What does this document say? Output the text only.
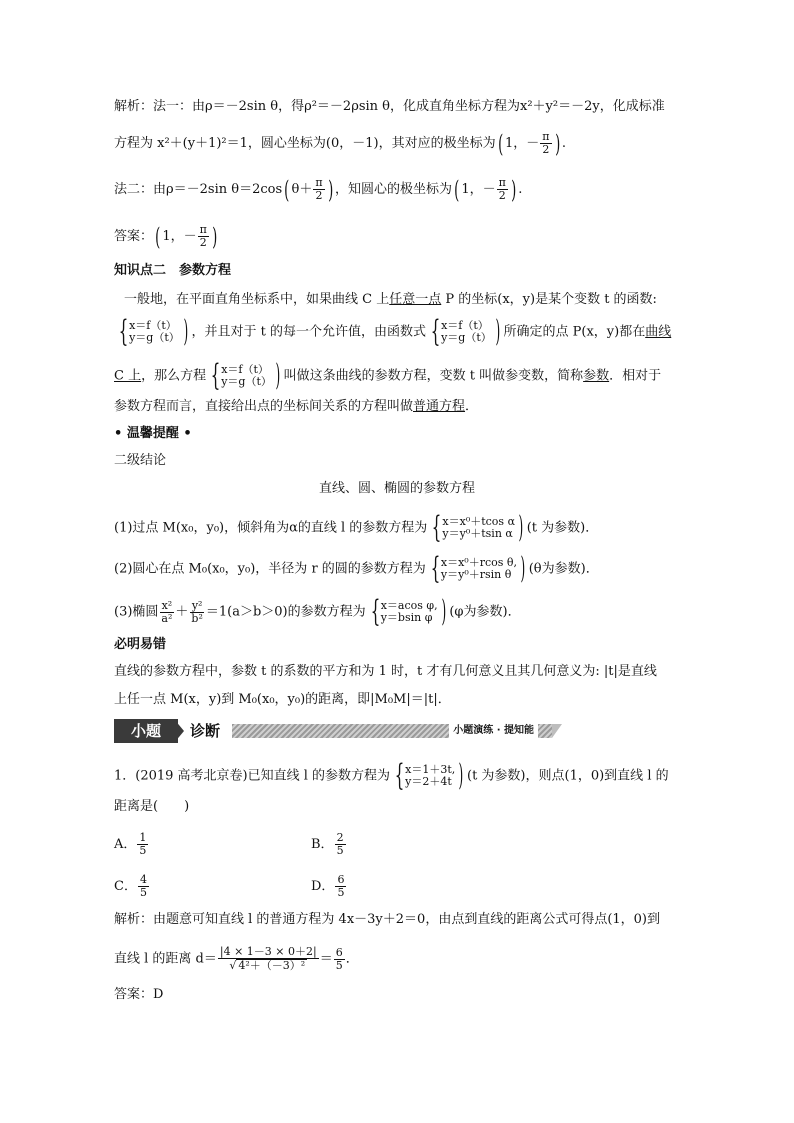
解析：法一：由ρ＝－2sin θ，得ρ²＝－2ρsin θ，化成直角坐标方程为x²＋y²＝－2y，化成标准
方程为 x²＋(y＋1)²＝1，圆心坐标为(0，－1)，其对应的极坐标为( 1，－ $\frac{\pi}{2}$ ) .
法二：由ρ＝－2sin θ＝2cos( $\theta+ \frac{\pi}{2}$ ) ，知圆心的极坐标为( 1，－ $\frac{\pi}{2}$ ) .
答案：( 1，－ $\frac{\pi}{2}$ )
知识点二　参数方程
一般地，在平面直角坐标系中，如果曲线 C 上任意一点 P 的坐标(x，y)是某个变数 t 的函数:
{ x＝f（t）
y＝g（t） ) ，并且对于 t 的每一个允许值，由函数式 { x＝f（t）
y＝g（t） ) 所确定的点 P(x，y)都在曲线
C 上，那么方程 { x＝f（t）
y＝g（t） ) 叫做这条曲线的参数方程，变数 t 叫做参变数，简称参数．相对于
参数方程而言，直接给出点的坐标间关系的方程叫做普通方程．
• 温馨提醒 •
二级结论
直线、圆、椭圆的参数方程
(1)过点 M(x₀，y₀)，倾斜角为α的直线 l 的参数方程为 { x＝x⁰＋tcos α
y＝y⁰＋tsin α ) (t 为参数)．
(2)圆心在点 M₀(x₀，y₀)，半径为 r 的圆的参数方程为 { x＝x⁰＋rcos θ,
y＝y⁰＋rsin θ ) (θ为参数)．
(3)椭圆 $\frac{\text{x²}}{\text{a²}} + \frac{\text{y²}}{\text{b²}} =1(a>b>0)$的参数方程为 { x＝acos φ,
y＝bsin φ ) (φ为参数)．
必明易错
直线的参数方程中，参数 t 的系数的平方和为 1 时，t 才有几何意义且其几何意义为: |t|是直线
上任一点 M(x，y)到 M₀(x₀，y₀)的距离，即|M₀M|＝|t|．
小题	诊断	小题演练 · 提知能
1．(2019 高考北京卷)已知直线 l 的参数方程为 { x＝1＋3t,
y＝2＋4t ) (t 为参数)，则点(1，0)到直线 l 的
距离是(　　)
A． $\frac{1}{5}$	B． $\frac{2}{5}$
C． $\frac{4}{5}$	D． $\frac{6}{5}$
解析：由题意可知直线 l 的普通方程为 4x－3y＋2＝0，由点到直线的距离公式可得点(1，0)到
直线 l 的距离 $d= \frac{|4 \times 1-3 \times 0+2|}{\text{√ 4²＋（－3）²}} = \frac{6}{5}$ ．
答案：D
